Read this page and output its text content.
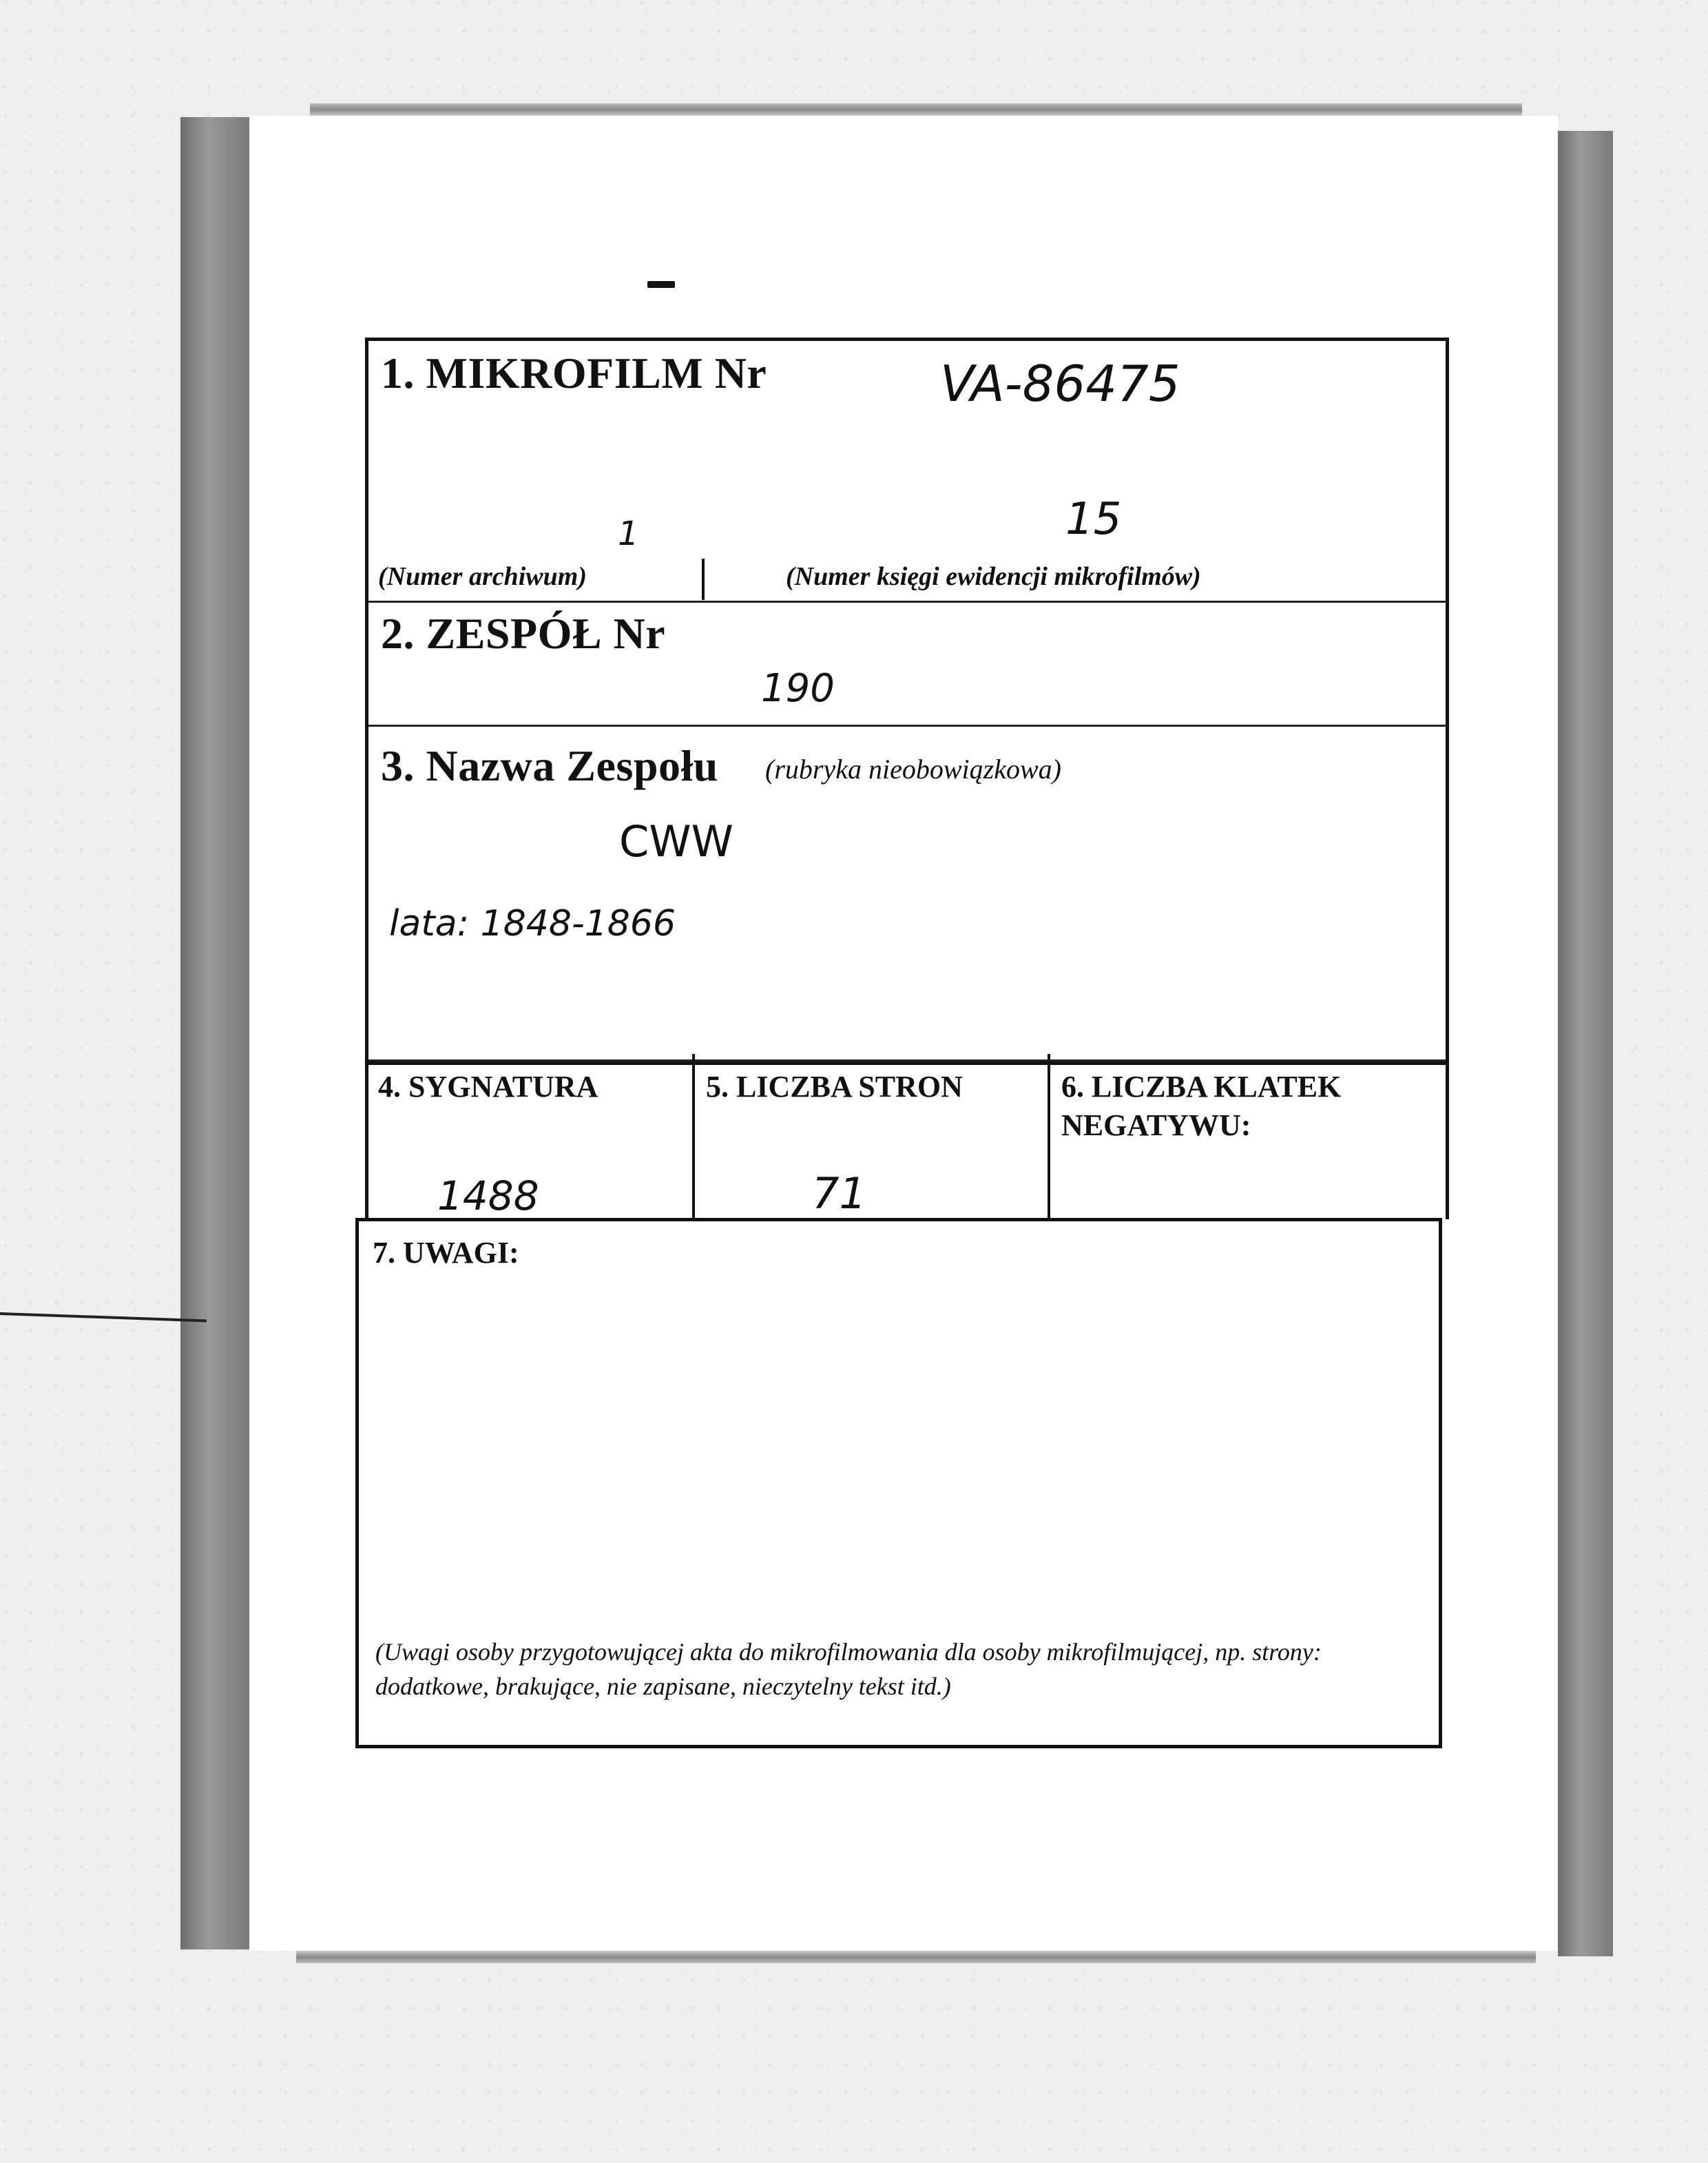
1. MIKROFILM Nr	VA-86475
1	15
(Numer archiwum)	(Numer księgi ewidencji mikrofilmów)
2. ZESPÓŁ Nr
190
3. Nazwa Zespołu (rubryka nieobowiązkowa)
CWW
lata: 1848-1866
4. SYGNATURA
1488
5. LICZBA STRON
71
6. LICZBA KLATEK
NEGATYWU:
7. UWAGI:
(Uwagi osoby przygotowującej akta do mikrofilmowania dla osoby mikrofilmującej, np. strony: dodatkowe, brakujące, nie zapisane, nieczytelny tekst itd.)
